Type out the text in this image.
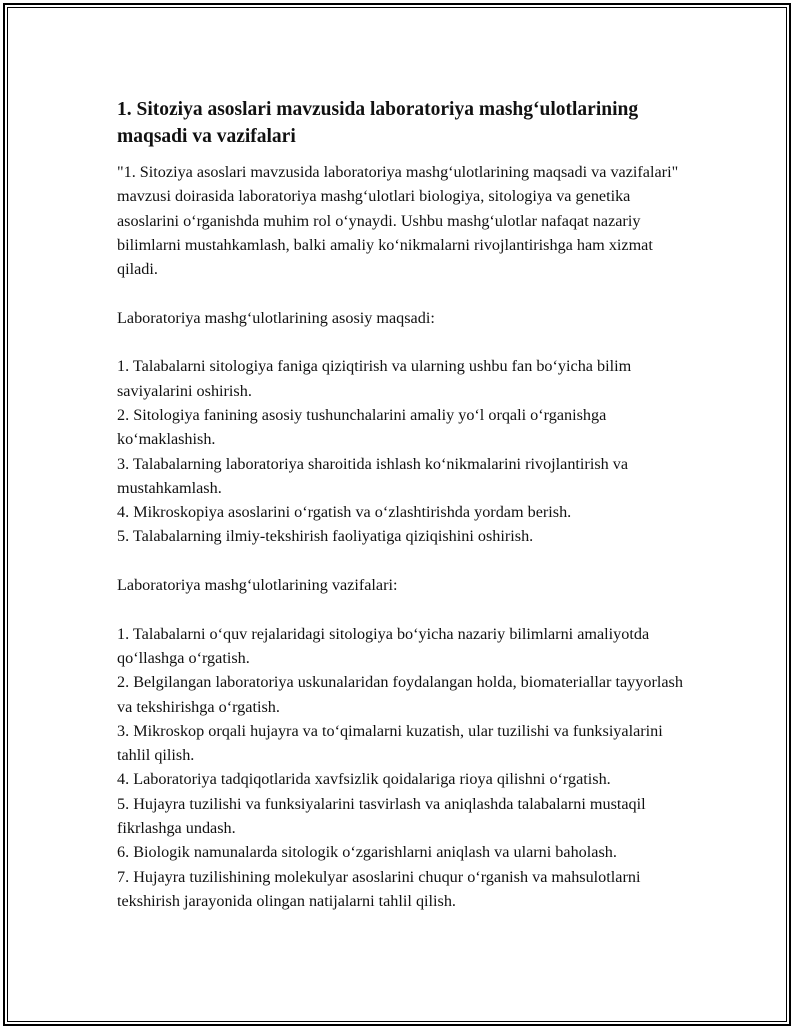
1. Sitoziya asoslari mavzusida laboratoriya mashg‘ulotlarining maqsadi va vazifalari

"1. Sitoziya asoslari mavzusida laboratoriya mashg‘ulotlarining maqsadi va vazifalari" mavzusi doirasida laboratoriya mashg‘ulotlari biologiya, sitologiya va genetika asoslarini o‘rganishda muhim rol o‘ynaydi. Ushbu mashg‘ulotlar nafaqat nazariy bilimlarni mustahkamlash, balki amaliy ko‘nikmalarni rivojlantirishga ham xizmat qiladi.

Laboratoriya mashg‘ulotlarining asosiy maqsadi:

1. Talabalarni sitologiya faniga qiziqtirish va ularning ushbu fan bo‘yicha bilim saviyalarini oshirish.
2. Sitologiya fanining asosiy tushunchalarini amaliy yo‘l orqali o‘rganishga ko‘maklashish.
3. Talabalarning laboratoriya sharoitida ishlash ko‘nikmalarini rivojlantirish va mustahkamlash.
4. Mikroskopiya asoslarini o‘rgatish va o‘zlashtirishda yordam berish.
5. Talabalarning ilmiy-tekshirish faoliyatiga qiziqishini oshirish.

Laboratoriya mashg‘ulotlarining vazifalari:

1. Talabalarni o‘quv rejalaridagi sitologiya bo‘yicha nazariy bilimlarni amaliyotda qo‘llashga o‘rgatish.
2. Belgilangan laboratoriya uskunalaridan foydalangan holda, biomateriallar tayyorlash va tekshirishga o‘rgatish.
3. Mikroskop orqali hujayra va to‘qimalarni kuzatish, ular tuzilishi va funksiyalarini tahlil qilish.
4. Laboratoriya tadqiqotlarida xavfsizlik qoidalariga rioya qilishni o‘rgatish.
5. Hujayra tuzilishi va funksiyalarini tasvirlash va aniqlashda talabalarni mustaqil fikrlashga undash.
6. Biologik namunalarda sitologik o‘zgarishlarni aniqlash va ularni baholash.
7. Hujayra tuzilishining molekulyar asoslarini chuqur o‘rganish va mahsulotlarni tekshirish jarayonida olingan natijalarni tahlil qilish.
